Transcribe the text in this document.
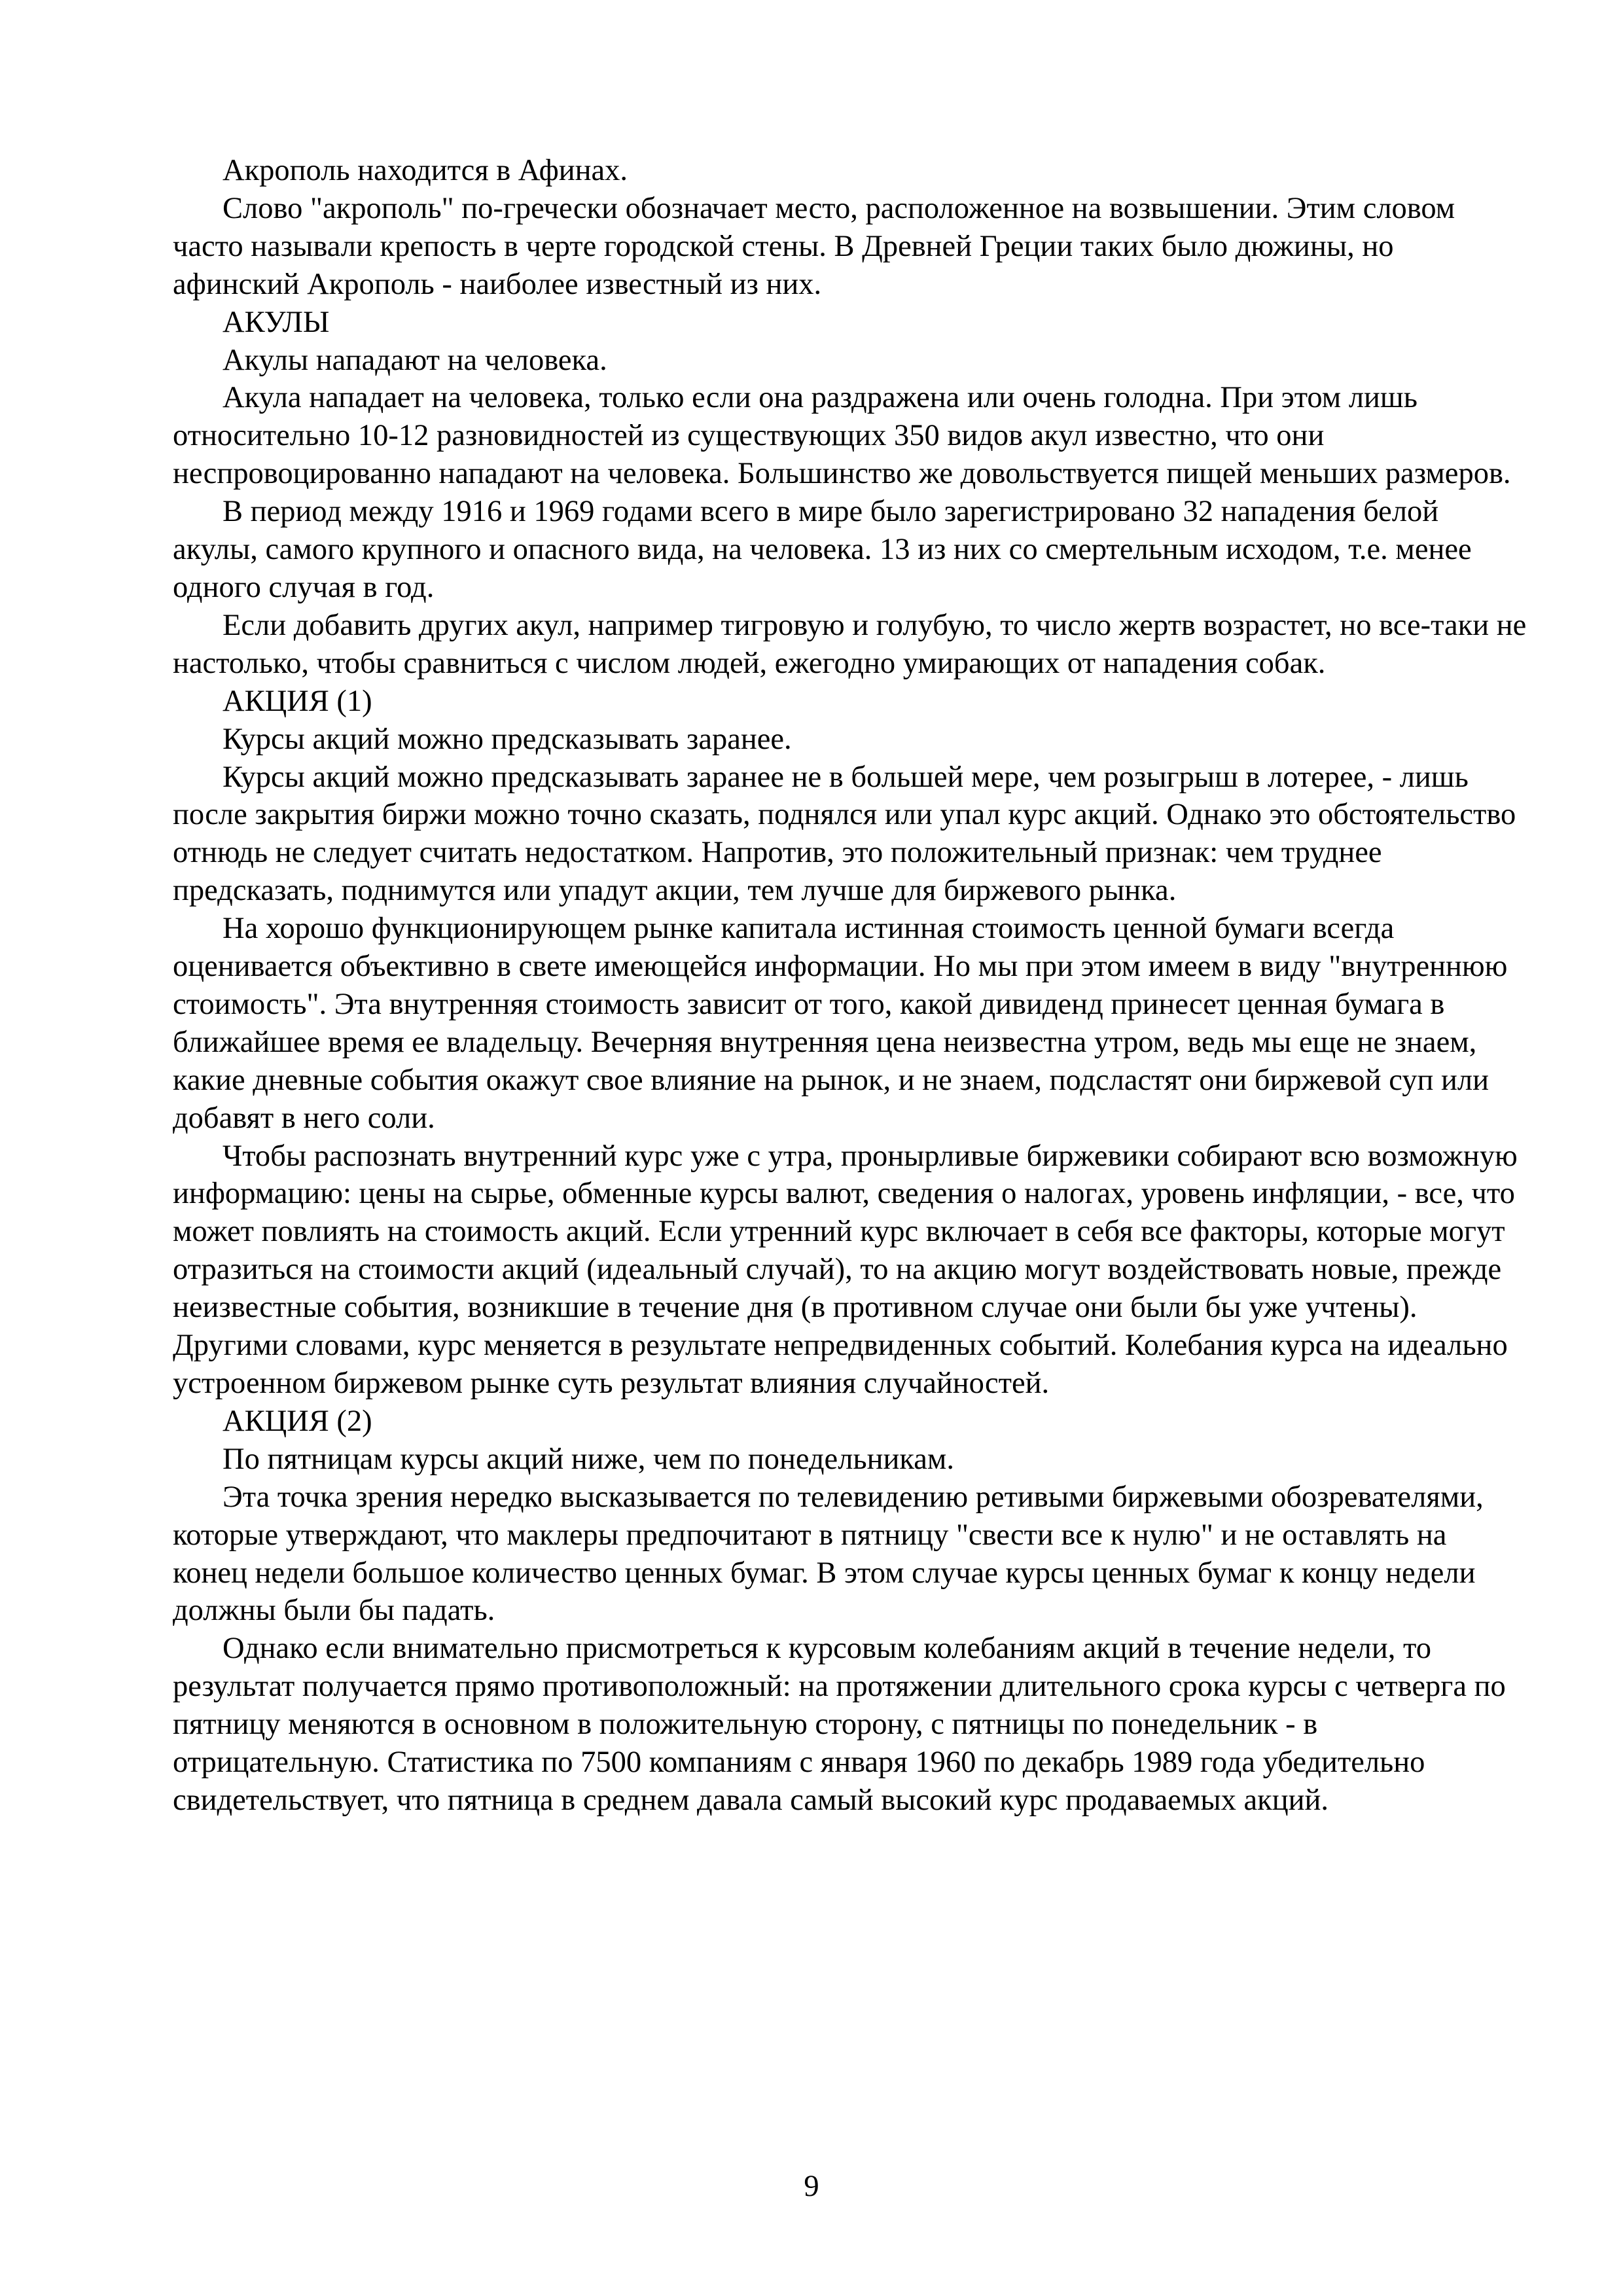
Акрополь находится в Афинах.

Слово "акрополь" по-гречески обозначает место, расположенное на возвышении. Этим словом часто называли крепость в черте городской стены. В Древней Греции таких было дюжины, но афинский Акрополь - наиболее известный из них.

АКУЛЫ

Акулы нападают на человека.

Акула нападает на человека, только если она раздражена или очень голодна. При этом лишь относительно 10-12 разновидностей из существующих 350 видов акул известно, что они неспровоцированно нападают на человека. Большинство же довольствуется пищей меньших размеров.

В период между 1916 и 1969 годами всего в мире было зарегистрировано 32 нападения белой акулы, самого крупного и опасного вида, на человека. 13 из них со смертельным исходом, т.е. менее одного случая в год.

Если добавить других акул, например тигровую и голубую, то число жертв возрастет, но все-таки не настолько, чтобы сравниться с числом людей, ежегодно умирающих от нападения собак.

АКЦИЯ (1)

Курсы акций можно предсказывать заранее.

Курсы акций можно предсказывать заранее не в большей мере, чем розыгрыш в лотерее, - лишь после закрытия биржи можно точно сказать, поднялся или упал курс акций. Однако это обстоятельство отнюдь не следует считать недостатком. Напротив, это положительный признак: чем труднее предсказать, поднимутся или упадут акции, тем лучше для биржевого рынка.

На хорошо функционирующем рынке капитала истинная стоимость ценной бумаги всегда оценивается объективно в свете имеющейся информации. Но мы при этом имеем в виду "внутреннюю стоимость". Эта внутренняя стоимость зависит от того, какой дивиденд принесет ценная бумага в ближайшее время ее владельцу. Вечерняя внутренняя цена неизвестна утром, ведь мы еще не знаем, какие дневные события окажут свое влияние на рынок, и не знаем, подсластят они биржевой суп или добавят в него соли.

Чтобы распознать внутренний курс уже с утра, пронырливые биржевики собирают всю возможную информацию: цены на сырье, обменные курсы валют, сведения о налогах, уровень инфляции, - все, что может повлиять на стоимость акций. Если утренний курс включает в себя все факторы, которые могут отразиться на стоимости акций (идеальный случай), то на акцию могут воздействовать новые, прежде неизвестные события, возникшие в течение дня (в противном случае они были бы уже учтены). Другими словами, курс меняется в результате непредвиденных событий. Колебания курса на идеально устроенном биржевом рынке суть результат влияния случайностей.

АКЦИЯ (2)

По пятницам курсы акций ниже, чем по понедельникам.

Эта точка зрения нередко высказывается по телевидению ретивыми биржевыми обозревателями, которые утверждают, что маклеры предпочитают в пятницу "свести все к нулю" и не оставлять на конец недели большое количество ценных бумаг. В этом случае курсы ценных бумаг к концу недели должны были бы падать.

Однако если внимательно присмотреться к курсовым колебаниям акций в течение недели, то результат получается прямо противоположный: на протяжении длительного срока курсы с четверга по пятницу меняются в основном в положительную сторону, с пятницы по понедельник - в отрицательную. Статистика по 7500 компаниям с января 1960 по декабрь 1989 года убедительно свидетельствует, что пятница в среднем давала самый высокий курс продаваемых акций.

9
